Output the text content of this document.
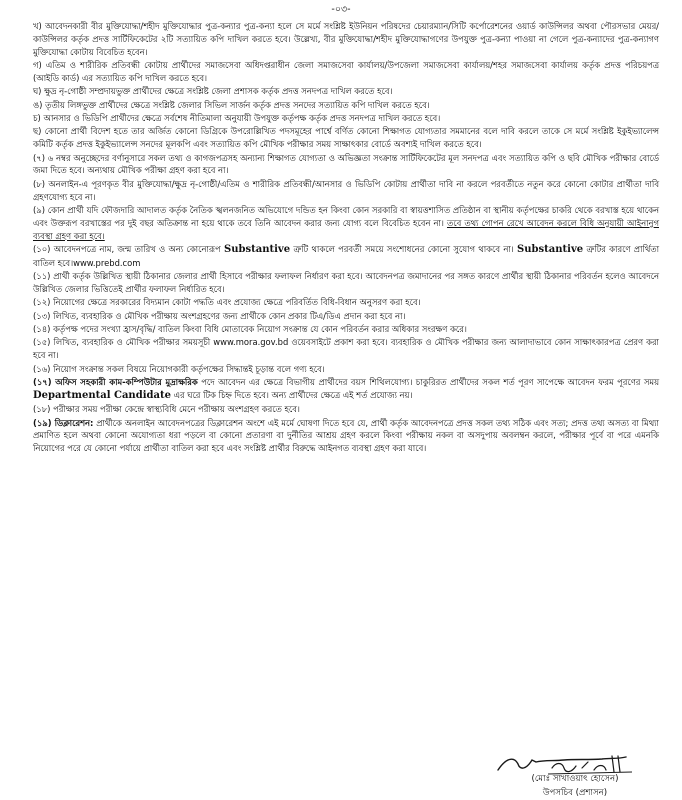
-০৩-

খ) আবেদনকারী বীর মুক্তিযোদ্ধা/শহীদ মুক্তিযোদ্ধার পুত্র-কন্যার পুত্র-কন্যা হলে সে মর্মে সংশ্লিষ্ট ইউনিয়ন পরিষদের চেয়ারম্যান/সিটি কর্পোরেশনের ওয়ার্ড কাউন্সিলর অথবা পৌরসভার মেয়র/কাউন্সিলর কর্তৃক প্রদত্ত সার্টিফিকেটের ২টি সত্যায়িত কপি দাখিল করতে হবে। উল্লেখ্য, বীর মুক্তিযোদ্ধা/শহীদ মুক্তিযোদ্ধাগণের উপযুক্ত পুত্র-কন্যা পাওয়া না গেলে পুত্র-কন্যাদের পুত্র-কন্যাগণ মুক্তিযোদ্ধা কোটায় বিবেচিত হবেন।

গ) এতিম ও শারীরিক প্রতিবন্ধী কোটায় প্রার্থীদের সমাজসেবা অধিদপ্তরাধীন জেলা সমাজসেবা কার্যালয়/উপজেলা সমাজসেবা কার্যালয়/শহর সমাজসেবা কার্যালয় কর্তৃক প্রদত্ত পরিচয়পত্র (আইডি কার্ড) এর সত্যায়িত কপি দাখিল করতে হবে।

ঘ) ক্ষুদ্র নৃ-গোষ্ঠী সম্প্রদায়ভুক্ত প্রার্থীদের ক্ষেত্রে সংশ্লিষ্ট জেলা প্রশাসক কর্তৃক প্রদত্ত সনদপত্র দাখিল করতে হবে।

ঙ) তৃতীয় লিঙ্গভুক্ত প্রার্থীদের ক্ষেত্রে সংশ্লিষ্ট জেলার সিভিল সার্জন কর্তৃক প্রদত্ত সনদের সত্যায়িত কপি দাখিল করতে হবে।

চ) আনসার ও ভিডিপি প্রার্থীদের ক্ষেত্রে সর্বশেষ নীতিমালা অনুযায়ী উপযুক্ত কর্তৃপক্ষ কর্তৃক প্রদত্ত সনদপত্র দাখিল করতে হবে।

ছ) কোনো প্রার্থী বিদেশ হতে তার অর্জিত কোনো ডিগ্রিকে উপরোল্লিখিত পদসমূহের পার্শ্বে বর্ণিত কোনো শিক্ষাগত যোগ্যতার সমমানের বলে দাবি করলে তাকে সে মর্মে সংশ্লিষ্ট ইকুইভ্যালেন্স কমিটি কর্তৃক প্রদত্ত ইকুইভ্যালেন্স সনদের মূলকপি এবং সত্যায়িত কপি মৌখিক পরীক্ষার সময় সাক্ষাৎকার বোর্ডে অবশ্যই দাখিল করতে হবে।

(৭) ৬ নম্বর অনুচ্ছেদের বর্ণানুসারে সকল তথ্য ও কাগজপত্রসহ অন্যান্য শিক্ষাগত যোগ্যতা ও অভিজ্ঞতা সংক্রান্ত সার্টিফিকেটের মূল সনদপত্র এবং সত্যায়িত কপি ও ছবি মৌখিক পরীক্ষার বোর্ডে জমা দিতে হবে। অন্যথায় মৌখিক পরীক্ষা গ্রহণ করা হবে না।

(৮) অনলাইন-এ পূরণকৃত বীর মুক্তিযোদ্ধা/ক্ষুদ্র নৃ-গোষ্ঠী/এতিম ও শারীরিক প্রতিবন্ধী/আনসার ও ভিডিপি কোটায় প্রার্থীতা দাবি না করলে পরবর্তীতে নতুন করে কোনো কোটার প্রার্থীতা দাবি গ্রহণযোগ্য হবে না।

(৯) কোন প্রার্থী যদি ফৌজদারি আদালত কর্তৃক নৈতিক স্খলনজনিত অভিযোগে দন্ডিত হন কিংবা কোন সরকারি বা স্বায়ত্তশাসিত প্রতিষ্ঠান বা স্থানীয় কর্তৃপক্ষের চাকরি থেকে বরখাস্ত হয়ে থাকেন এবং উক্তরূপ বরখাস্তের পর দুই বছর অতিক্রান্ত না হয়ে থাকে তবে তিনি আবেদন করার জন্য যোগ্য বলে বিবেচিত হবেন না। তবে তথ্য গোপন রেখে আবেদন করলে বিধি অনুযায়ী আইনানুগ ব্যবস্থা গ্রহণ করা হবে।

(১০) আবেদনপত্রে নাম, জন্ম তারিখ ও অন্য কোনোরূপ Substantive ত্রুটি থাকলে পরবর্তী সময়ে সংশোধনের কোনো সুযোগ থাকবে না। Substantive ত্রুটির কারণে প্রার্থিতা বাতিল হবে।www.prebd.com

(১১) প্রার্থী কর্তৃক উল্লিখিত স্থায়ী ঠিকানার জেলার প্রার্থী হিসাবে পরীক্ষার ফলাফল নির্ধারণ করা হবে। আবেদনপত্র জমাদানের পর সঙ্গত কারণে প্রার্থীর স্থায়ী ঠিকানার পরিবর্তন হলেও আবেদনে উল্লিখিত জেলার ভিত্তিতেই প্রার্থীর ফলাফল নির্ধারিত হবে।

(১২) নিয়োগের ক্ষেত্রে সরকারের বিদ্যমান কোটা পদ্ধতি এবং প্রযোজ্য ক্ষেত্রে পরিবর্তিত বিধি-বিধান অনুসরণ করা হবে।

(১৩) লিখিত, ব্যবহারিক ও মৌখিক পরীক্ষায় অংশগ্রহণের জন্য প্রার্থীকে কোন প্রকার টিএ/ডিএ প্রদান করা হবে না।

(১৪) কর্তৃপক্ষ পদের সংখ্যা হ্রাস/বৃদ্ধি/ বাতিল কিংবা বিধি মোতাবেক নিয়োগ সংক্রান্ত যে কোন পরিবর্তন করার অধিকার সংরক্ষণ করে।

(১৫) লিখিত, ব্যবহারিক ও মৌখিক পরীক্ষার সময়সূচী www.mora.gov.bd ওয়েবসাইটে প্রকাশ করা হবে। ব্যবহারিক ও মৌখিক পরীক্ষার জন্য আলাদাভাবে কোন সাক্ষাৎকারপত্র প্রেরণ করা হবে না।

(১৬) নিয়োগ সংক্রান্ত সকল বিষয়ে নিয়োগকারী কর্তৃপক্ষের সিদ্ধান্তই চূড়ান্ত বলে গণ্য হবে।

(১৭) অফিস সহকারী কাম-কম্পিউটার মুদ্রাক্ষরিক পদে আবেদন এর ক্ষেত্রে বিভাগীয় প্রার্থীদের বয়স শিথিলযোগ্য। চাকুরিরত প্রার্থীদের সকল শর্ত পূরণ সাপেক্ষে আবেদন ফরম পূরণের সময় Departmental Candidate এর ঘরে টিক চিহ্ন দিতে হবে। অন্য প্রার্থীদের ক্ষেত্রে এই শর্ত প্রযোজ্য নয়।

(১৮) পরীক্ষার সময় পরীক্ষা কেন্দ্রে স্বাস্থ্যবিধি মেনে পরীক্ষায় অংশগ্রহণ করতে হবে।

(১৯) ডিক্লারেশন: প্রার্থীকে অনলাইন আবেদনপত্রের ডিক্লারেশন অংশে এই মর্মে ঘোষণা দিতে হবে যে, প্রার্থী কর্তৃক আবেদনপত্রে প্রদত্ত সকল তথ্য সঠিক এবং সত্য; প্রদত্ত তথ্য অসত্য বা মিথ্যা প্রমাণিত হলে অথবা কোনো অযোগ্যতা ধরা পড়লে বা কোনো প্রতারণা বা দুর্নীতির আশ্রয় গ্রহণ করলে কিংবা পরীক্ষায় নকল বা অসদুপায় অবলম্বন করলে, পরীক্ষার পূর্বে বা পরে এমনকি নিয়োগের পরে যে কোনো পর্যায়ে প্রার্থীতা বাতিল করা হবে এবং সংশ্লিষ্ট প্রার্থীর বিরুদ্ধে আইনগত ব্যবস্থা গ্রহণ করা যাবে।

(মোঃ সাখাওয়াৎ হোসেন)
উপসচিব (প্রশাসন)
